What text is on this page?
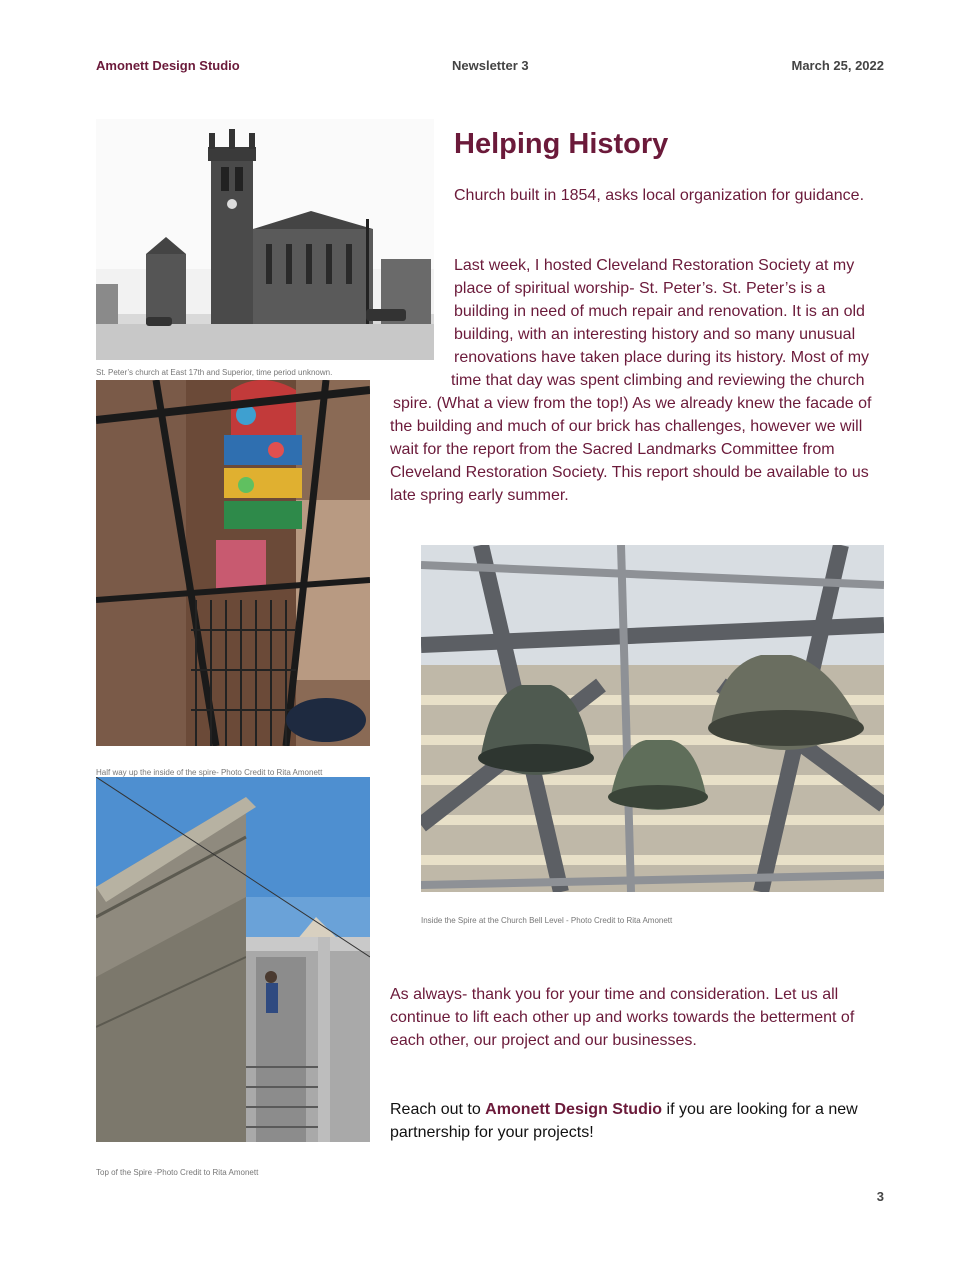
Amonett Design Studio	Newsletter 3	March 25, 2022
St. Peter’s church at East 17th and Superior, time period unknown.
Half way up the inside of the spire- Photo Credit to Rita Amonett
Top of the Spire -Photo Credit to Rita Amonett
Inside the Spire at the Church Bell Level - Photo Credit to Rita Amonett
Helping History
Church built in 1854, asks local organization for guidance.
Last week, I hosted Cleveland Restoration Society at my
place of spiritual worship- St. Peter’s. St. Peter’s is a
building in need of much repair and renovation. It is an old
building, with an interesting history and so many unusual
renovations have taken place during its history. Most of my
time that day was spent climbing and reviewing the church
spire. (What a view from the top!) As we already knew the facade of
the building and much of our brick has challenges, however we will
wait for the report from the Sacred Landmarks Committee from
Cleveland Restoration Society. This report should be available to us
late spring early summer.
As always- thank you for your time and consideration. Let us all continue to lift each other up and works towards the betterment of each other, our project and our businesses.
Reach out to Amonett Design Studio if you are looking for a new partnership for your projects!
3
